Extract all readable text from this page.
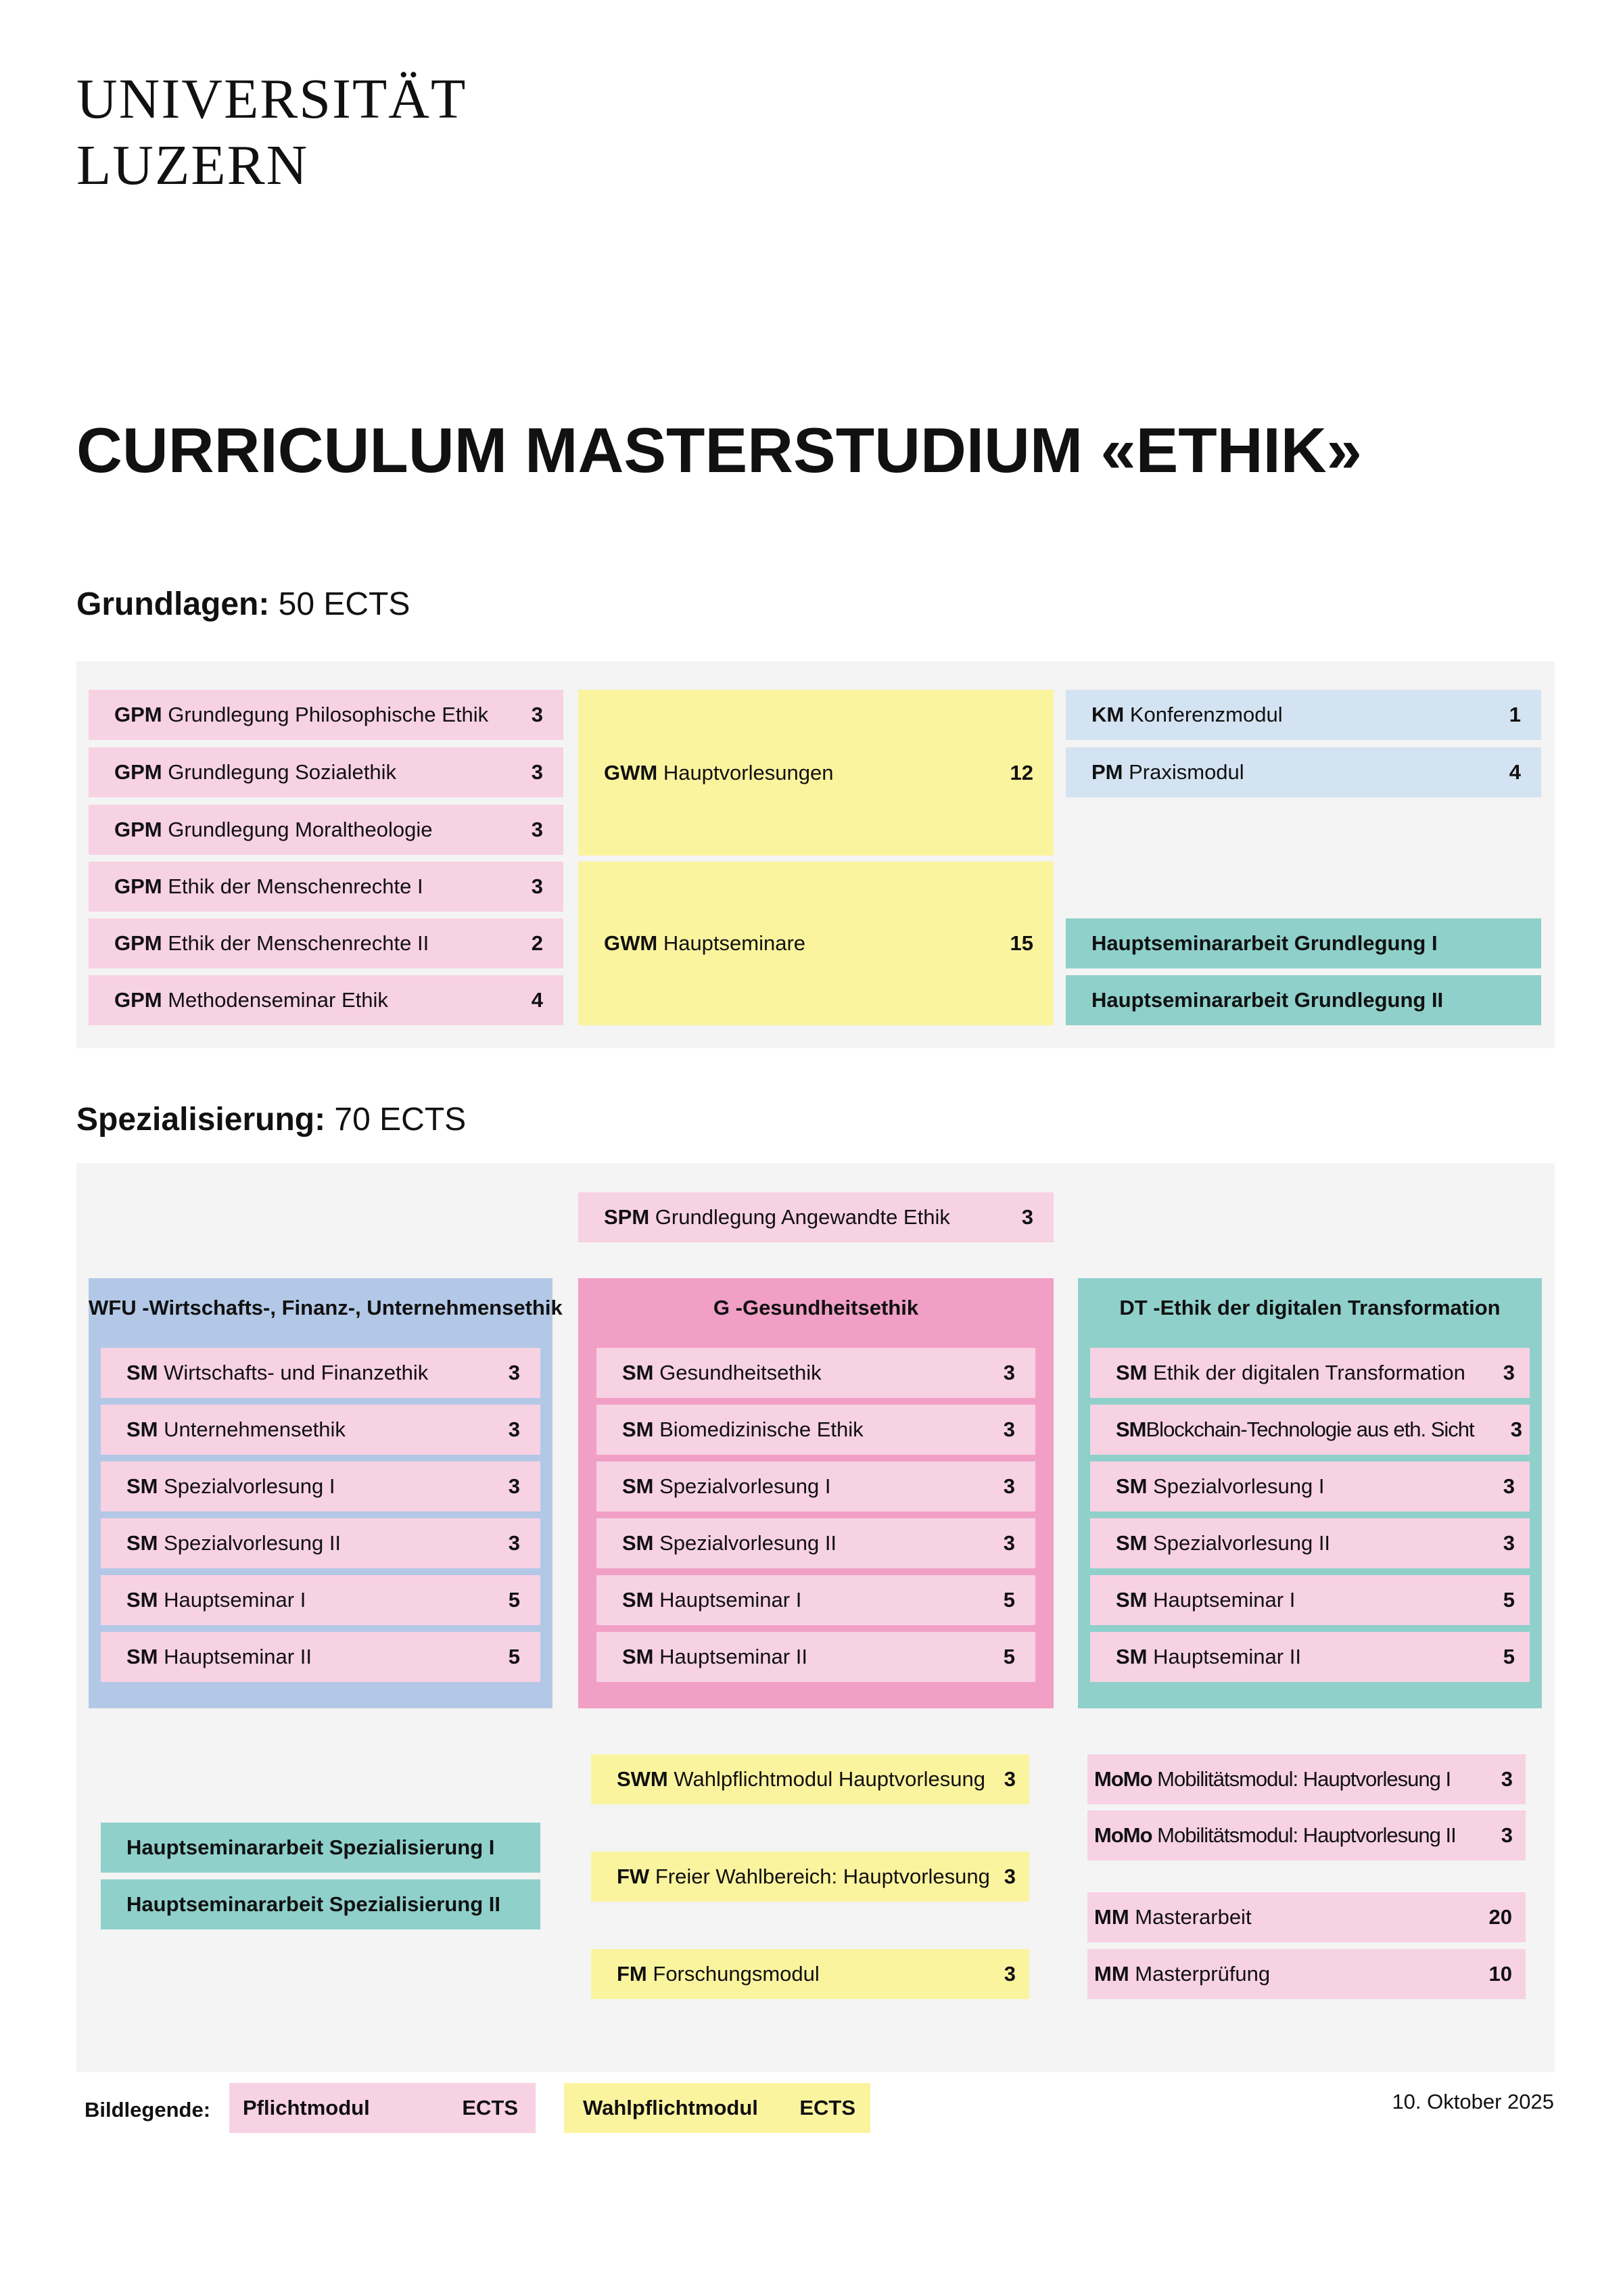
UNIVERSITÄT
LUZERN
CURRICULUM MASTERSTUDIUM «ETHIK»
Grundlagen: 50 ECTS
GPM Grundlegung Philosophische Ethik	3
GPM Grundlegung Sozialethik	3
GPM Grundlegung Moraltheologie	3
GPM Ethik der Menschenrechte I	3
GPM Ethik der Menschenrechte II	2
GPM Methodenseminar Ethik	4
GWM Hauptvorlesungen	12
GWM Hauptseminare	15
KM Konferenzmodul	1
PM Praxismodul	4
Hauptseminararbeit Grundlegung I
Hauptseminararbeit Grundlegung II
Spezialisierung: 70 ECTS
SPM Grundlegung Angewandte Ethik	3
WFU -Wirtschafts-, Finanz-, Unternehmensethik
SM Wirtschafts- und Finanzethik	3
SM Unternehmensethik	3
SM Spezialvorlesung I	3
SM Spezialvorlesung II	3
SM Hauptseminar I	5
SM Hauptseminar II	5
G -Gesundheitsethik
SM Gesundheitsethik	3
SM Biomedizinische Ethik	3
SM Spezialvorlesung I	3
SM Spezialvorlesung II	3
SM Hauptseminar I	5
SM Hauptseminar II	5
DT -Ethik der digitalen Transformation
SM Ethik der digitalen Transformation	3
SMBlockchain-Technologie aus eth. Sicht	3
SM Spezialvorlesung I	3
SM Spezialvorlesung II	3
SM Hauptseminar I	5
SM Hauptseminar II	5
Hauptseminararbeit Spezialisierung I
Hauptseminararbeit Spezialisierung II
SWM Wahlpflichtmodul Hauptvorlesung 3
FW Freier Wahlbereich: Hauptvorlesung 3
FM Forschungsmodul	3
MoMo Mobilitätsmodul: Hauptvorlesung I	3
MoMo Mobilitätsmodul: Hauptvorlesung II	3
MM Masterarbeit	20
MM Masterprüfung	10
Bildlegende: Pflichtmodul	ECTS	Wahlpflichtmodul	ECTS	10. Oktober 2025
